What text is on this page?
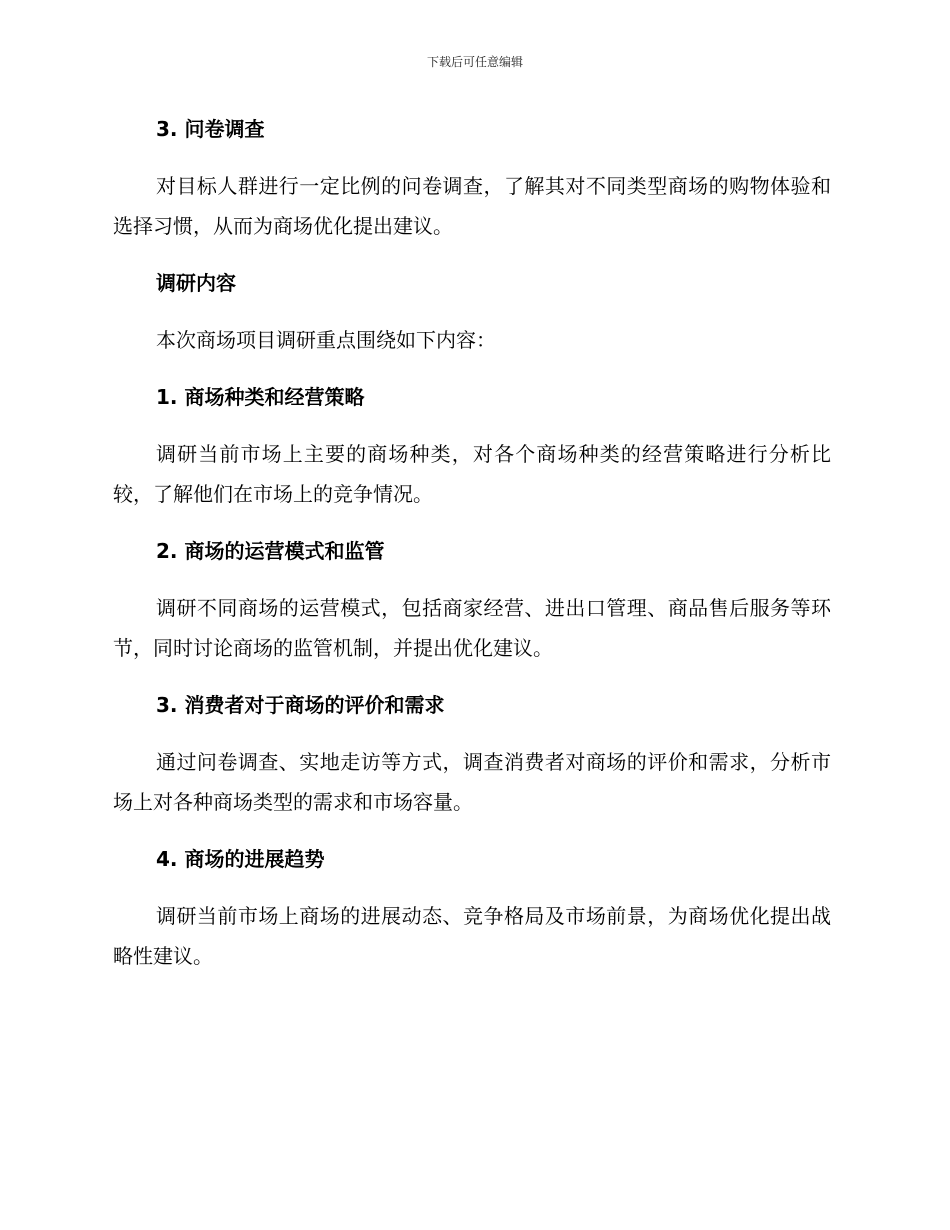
下载后可任意编辑
3. 问卷调查
对目标人群进行一定比例的问卷调查，了解其对不同类型商场的购物体验和选择习惯，从而为商场优化提出建议。
调研内容
本次商场项目调研重点围绕如下内容：
1. 商场种类和经营策略
调研当前市场上主要的商场种类，对各个商场种类的经营策略进行分析比较，了解他们在市场上的竞争情况。
2. 商场的运营模式和监管
调研不同商场的运营模式，包括商家经营、进出口管理、商品售后服务等环节，同时讨论商场的监管机制，并提出优化建议。
3. 消费者对于商场的评价和需求
通过问卷调查、实地走访等方式，调查消费者对商场的评价和需求，分析市场上对各种商场类型的需求和市场容量。
4. 商场的进展趋势
调研当前市场上商场的进展动态、竞争格局及市场前景，为商场优化提出战略性建议。
